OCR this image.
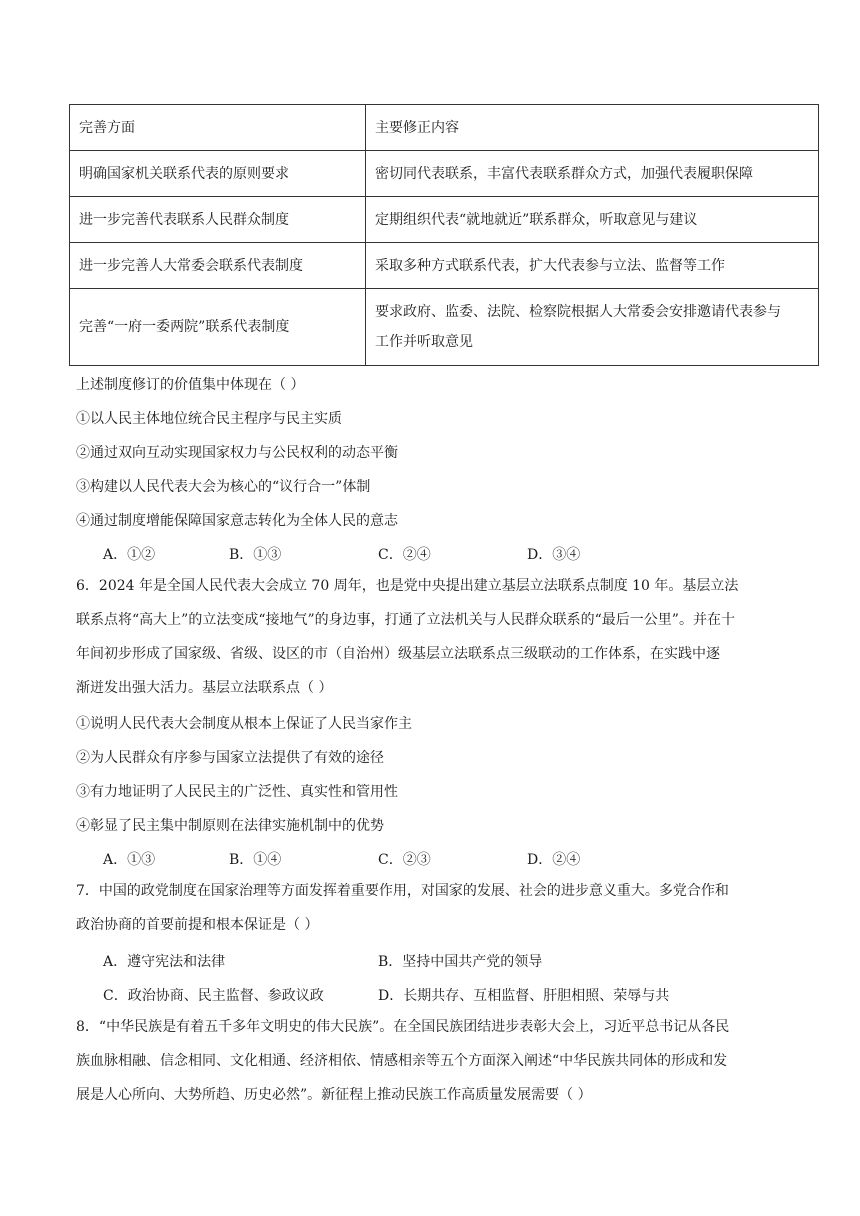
完善方面	主要修正内容
明确国家机关联系代表的原则要求	密切同代表联系，丰富代表联系群众方式，加强代表履职保障
进一步完善代表联系人民群众制度	定期组织代表“就地就近”联系群众，听取意见与建议
进一步完善人大常委会联系代表制度	采取多种方式联系代表，扩大代表参与立法、监督等工作
完善“一府一委两院”联系代表制度	要求政府、监委、法院、检察院根据人大常委会安排邀请代表参与
工作并听取意见
上述制度修订的价值集中体现在（ ）
①以人民主体地位统合民主程序与民主实质
②通过双向互动实现国家权力与公民权利的动态平衡
③构建以人民代表大会为核心的“议行合一”体制
④通过制度增能保障国家意志转化为全体人民的意志
A．①②	B．①③	C．②④	D．③④
6．2024 年是全国人民代表大会成立 70 周年，也是党中央提出建立基层立法联系点制度 10 年。基层立法
联系点将“高大上”的立法变成“接地气”的身边事，打通了立法机关与人民群众联系的“最后一公里”。并在十
年间初步形成了国家级、省级、设区的市（自治州）级基层立法联系点三级联动的工作体系，在实践中逐
渐迸发出强大活力。基层立法联系点（ ）
①说明人民代表大会制度从根本上保证了人民当家作主
②为人民群众有序参与国家立法提供了有效的途径
③有力地证明了人民民主的广泛性、真实性和管用性
④彰显了民主集中制原则在法律实施机制中的优势
A．①③	B．①④	C．②③	D．②④
7．中国的政党制度在国家治理等方面发挥着重要作用，对国家的发展、社会的进步意义重大。多党合作和
政治协商的首要前提和根本保证是（ ）
A．遵守宪法和法律	B．坚持中国共产党的领导
C．政治协商、民主监督、参政议政	D．长期共存、互相监督、肝胆相照、荣辱与共
8．“中华民族是有着五千多年文明史的伟大民族”。在全国民族团结进步表彰大会上，习近平总书记从各民
族血脉相融、信念相同、文化相通、经济相依、情感相亲等五个方面深入阐述“中华民族共同体的形成和发
展是人心所向、大势所趋、历史必然”。新征程上推动民族工作高质量发展需要（ ）
